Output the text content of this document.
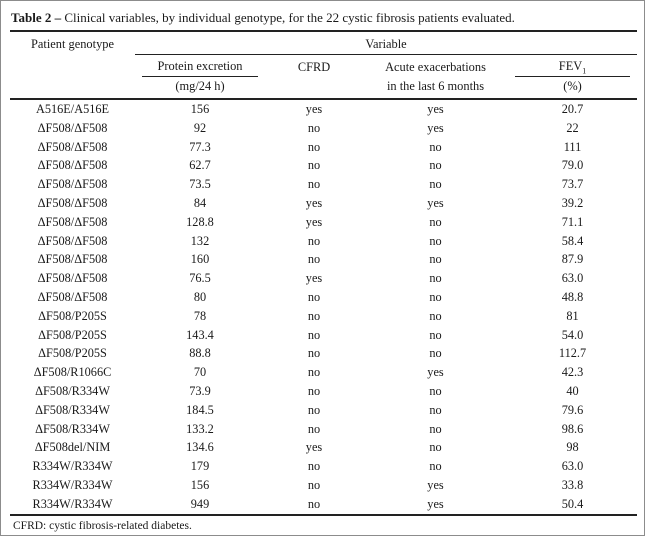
Table 2 – Clinical variables, by individual genotype, for the 22 cystic fibrosis patients evaluated.
Patient genotype	Variable			

	Protein excretion	CFRD	Acute exacerbations	$FEV_1$

	(mg/24 h)		in the last 6 months	(%)
A516E/A516E	156	yes	yes	20.7
ΔF508/ΔF508	92	no	yes	22
ΔF508/ΔF508	77.3	no	no	111
ΔF508/ΔF508	62.7	no	no	79.0
ΔF508/ΔF508	73.5	no	no	73.7
ΔF508/ΔF508	84	yes	yes	39.2
ΔF508/ΔF508	128.8	yes	no	71.1
ΔF508/ΔF508	132	no	no	58.4
ΔF508/ΔF508	160	no	no	87.9
ΔF508/ΔF508	76.5	yes	no	63.0
ΔF508/ΔF508	80	no	no	48.8
ΔF508/P205S	78	no	no	81
ΔF508/P205S	143.4	no	no	54.0
ΔF508/P205S	88.8	no	no	112.7
ΔF508/R1066C	70	no	yes	42.3
ΔF508/R334W	73.9	no	no	40
ΔF508/R334W	184.5	no	no	79.6
ΔF508/R334W	133.2	no	no	98.6
ΔF508del/NIM	134.6	yes	no	98
R334W/R334W	179	no	no	63.0
R334W/R334W	156	no	yes	33.8
R334W/R334W	949	no	yes	50.4
CFRD: cystic fibrosis-related diabetes.
